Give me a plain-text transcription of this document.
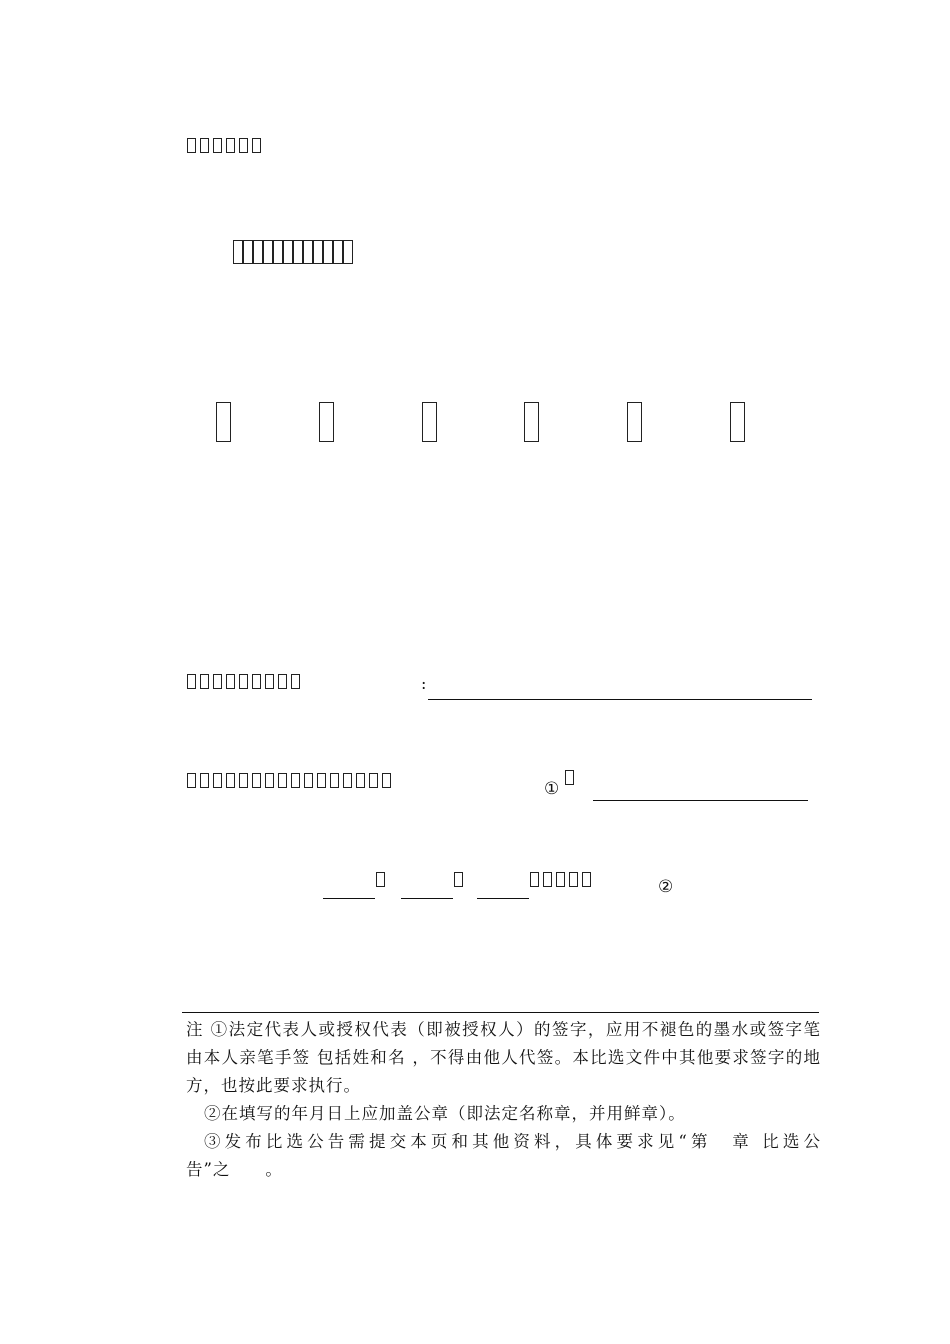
:
①
②

注 ①法定代表人或授权代表（即被授权人）的签字，应用不褪色的墨水或签字笔由本人亲笔手签 包括姓和名 ，不得由他人代签。本比选文件中其他要求签字的地方，也按此要求执行。

②在填写的年月日上应加盖公章（即法定名称章，并用鲜章）。

③发布比选公告需提交本页和其他资料，具体要求见“第　章 比选公告”之　　。
